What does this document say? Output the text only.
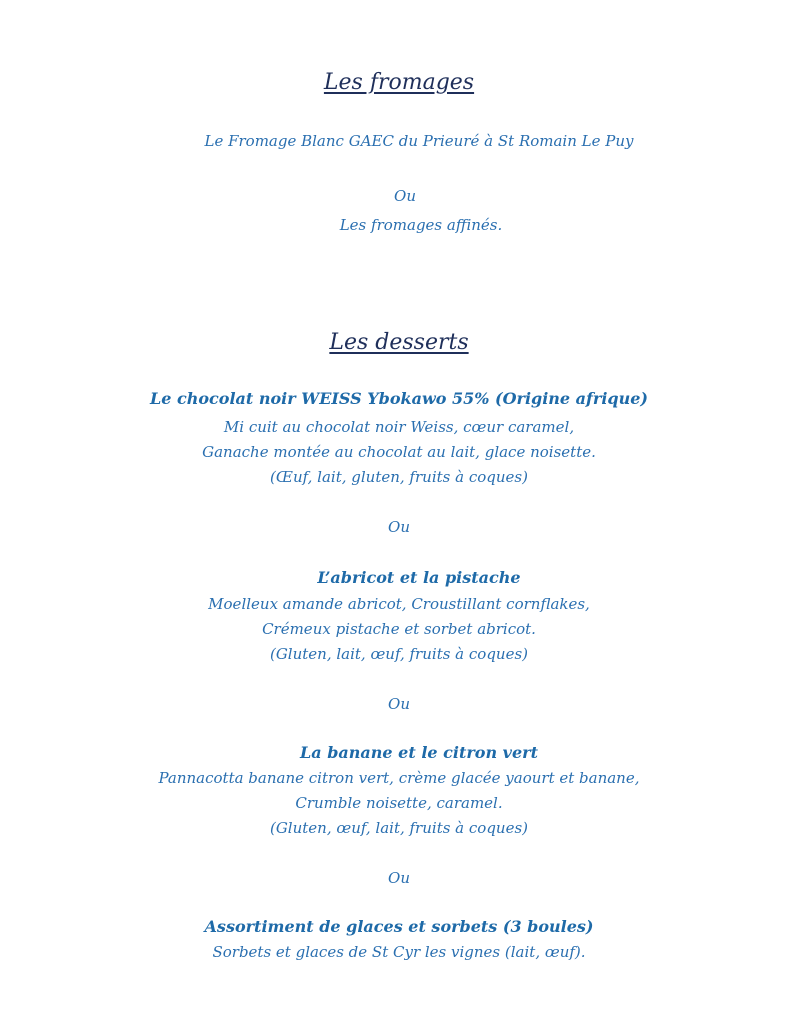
Les fromages
Le Fromage Blanc GAEC du Prieuré à St Romain Le Puy
Ou
Les fromages affinés.
Les desserts
Le chocolat noir WEISS Ybokawo 55% (Origine afrique)
Mi cuit au chocolat noir Weiss, cœur caramel,
Ganache montée au chocolat au lait, glace noisette.
(Œuf, lait, gluten, fruits à coques)
Ou
L’abricot et la pistache
Moelleux amande abricot, Croustillant cornflakes,
Crémeux pistache et sorbet abricot.
(Gluten, lait, œuf, fruits à coques)
Ou
La banane et le citron vert
Pannacotta banane citron vert, crème glacée yaourt et banane,
Crumble noisette, caramel.
(Gluten, œuf, lait, fruits à coques)
Ou
Assortiment de glaces et sorbets (3 boules)
Sorbets et glaces de St Cyr les vignes (lait, œuf).
